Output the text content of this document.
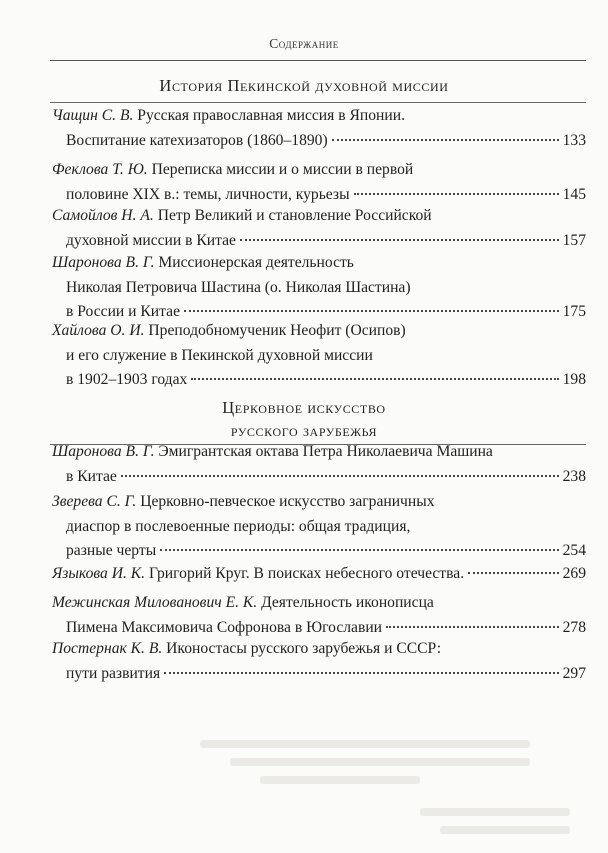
Содержание
История Пекинской духовной миссии
Чащин С. В. Русская православная миссия в Японии.
Воспитание катехизаторов (1860–1890)	133
Феклова Т. Ю. Переписка миссии и о миссии в первой
половине XIX в.: темы, личности, курьезы	145
Самойлов Н. А. Петр Великий и становление Российской
духовной миссии в Китае	157
Шаронова В. Г. Миссионерская деятельность
Николая Петровича Шастина (о. Николая Шастина)
в России и Китае	175
Хайлова О. И. Преподобномученик Неофит (Осипов)
и его служение в Пекинской духовной миссии
в 1902–1903 годах	198
Церковное искусство
русского зарубежья
Шаронова В. Г. Эмигрантская октава Петра Николаевича Машина
в Китае	238
Зверева С. Г. Церковно-певческое искусство заграничных
диаспор в послевоенные периоды: общая традиция,
разные черты	254
Языкова И. К. Григорий Круг. В поисках небесного отечества.	269
Межинская Милованович Е. К. Деятельность иконописца
Пимена Максимовича Софронова в Югославии	278
Постернак К. В. Иконостасы русского зарубежья и СССР:
пути развития	297
